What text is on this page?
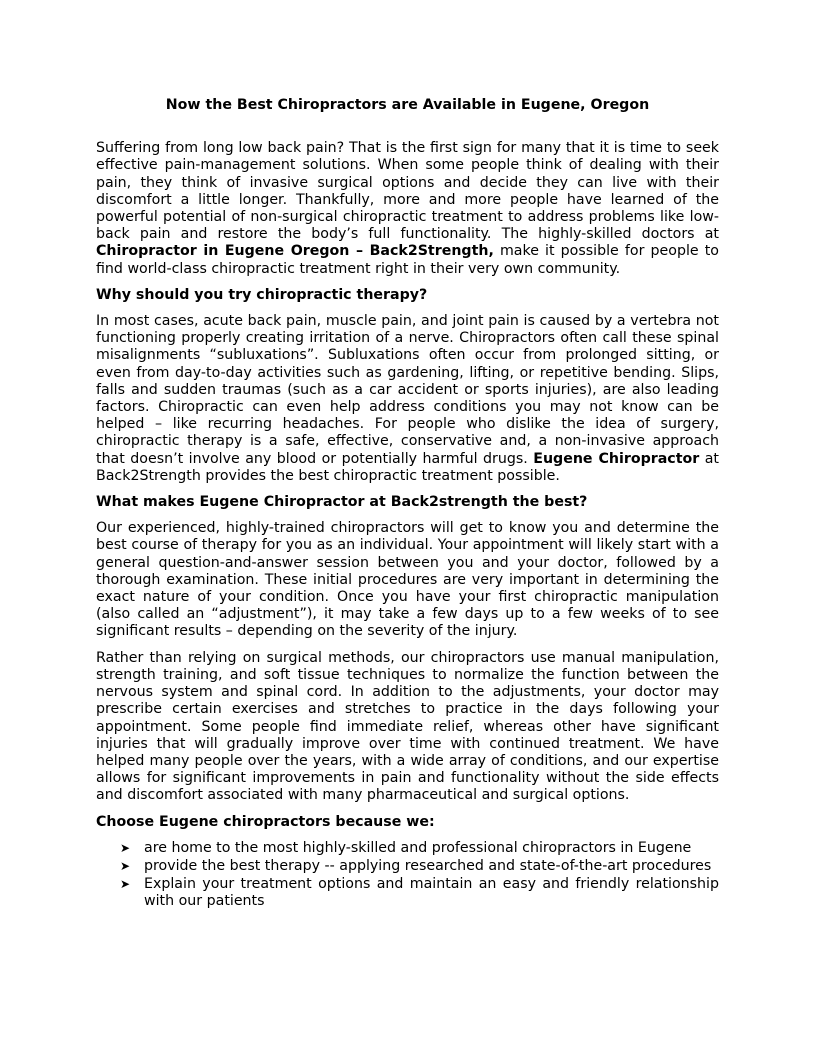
Now the Best Chiropractors are Available in Eugene, Oregon

Suffering from long low back pain? That is the first sign for many that it is time to seek effective pain-management solutions. When some people think of dealing with their pain, they think of invasive surgical options and decide they can live with their discomfort a little longer. Thankfully, more and more people have learned of the powerful potential of non-surgical chiropractic treatment to address problems like low-back pain and restore the body’s full functionality. The highly-skilled doctors at Chiropractor in Eugene Oregon – Back2Strength, make it possible for people to find world-class chiropractic treatment right in their very own community.

Why should you try chiropractic therapy?

In most cases, acute back pain, muscle pain, and joint pain is caused by a vertebra not functioning properly creating irritation of a nerve. Chiropractors often call these spinal misalignments “subluxations”. Subluxations often occur from prolonged sitting, or even from day-to-day activities such as gardening, lifting, or repetitive bending. Slips, falls and sudden traumas (such as a car accident or sports injuries), are also leading factors. Chiropractic can even help address conditions you may not know can be helped – like recurring headaches. For people who dislike the idea of surgery, chiropractic therapy is a safe, effective, conservative and, a non-invasive approach that doesn’t involve any blood or potentially harmful drugs. Eugene Chiropractor at Back2Strength provides the best chiropractic treatment possible.

What makes Eugene Chiropractor at Back2strength the best?

Our experienced, highly-trained chiropractors will get to know you and determine the best course of therapy for you as an individual. Your appointment will likely start with a general question-and-answer session between you and your doctor, followed by a thorough examination. These initial procedures are very important in determining the exact nature of your condition. Once you have your first chiropractic manipulation (also called an “adjustment”), it may take a few days up to a few weeks of to see significant results – depending on the severity of the injury.

Rather than relying on surgical methods, our chiropractors use manual manipulation, strength training, and soft tissue techniques to normalize the function between the nervous system and spinal cord. In addition to the adjustments, your doctor may prescribe certain exercises and stretches to practice in the days following your appointment. Some people find immediate relief, whereas other have significant injuries that will gradually improve over time with continued treatment. We have helped many people over the years, with a wide array of conditions, and our expertise allows for significant improvements in pain and functionality without the side effects and discomfort associated with many pharmaceutical and surgical options.

Choose Eugene chiropractors because we:
➤ are home to the most highly-skilled and professional chiropractors in Eugene
➤ provide the best therapy -- applying researched and state-of-the-art procedures
➤ Explain your treatment options and maintain an easy and friendly relationship with our patients
